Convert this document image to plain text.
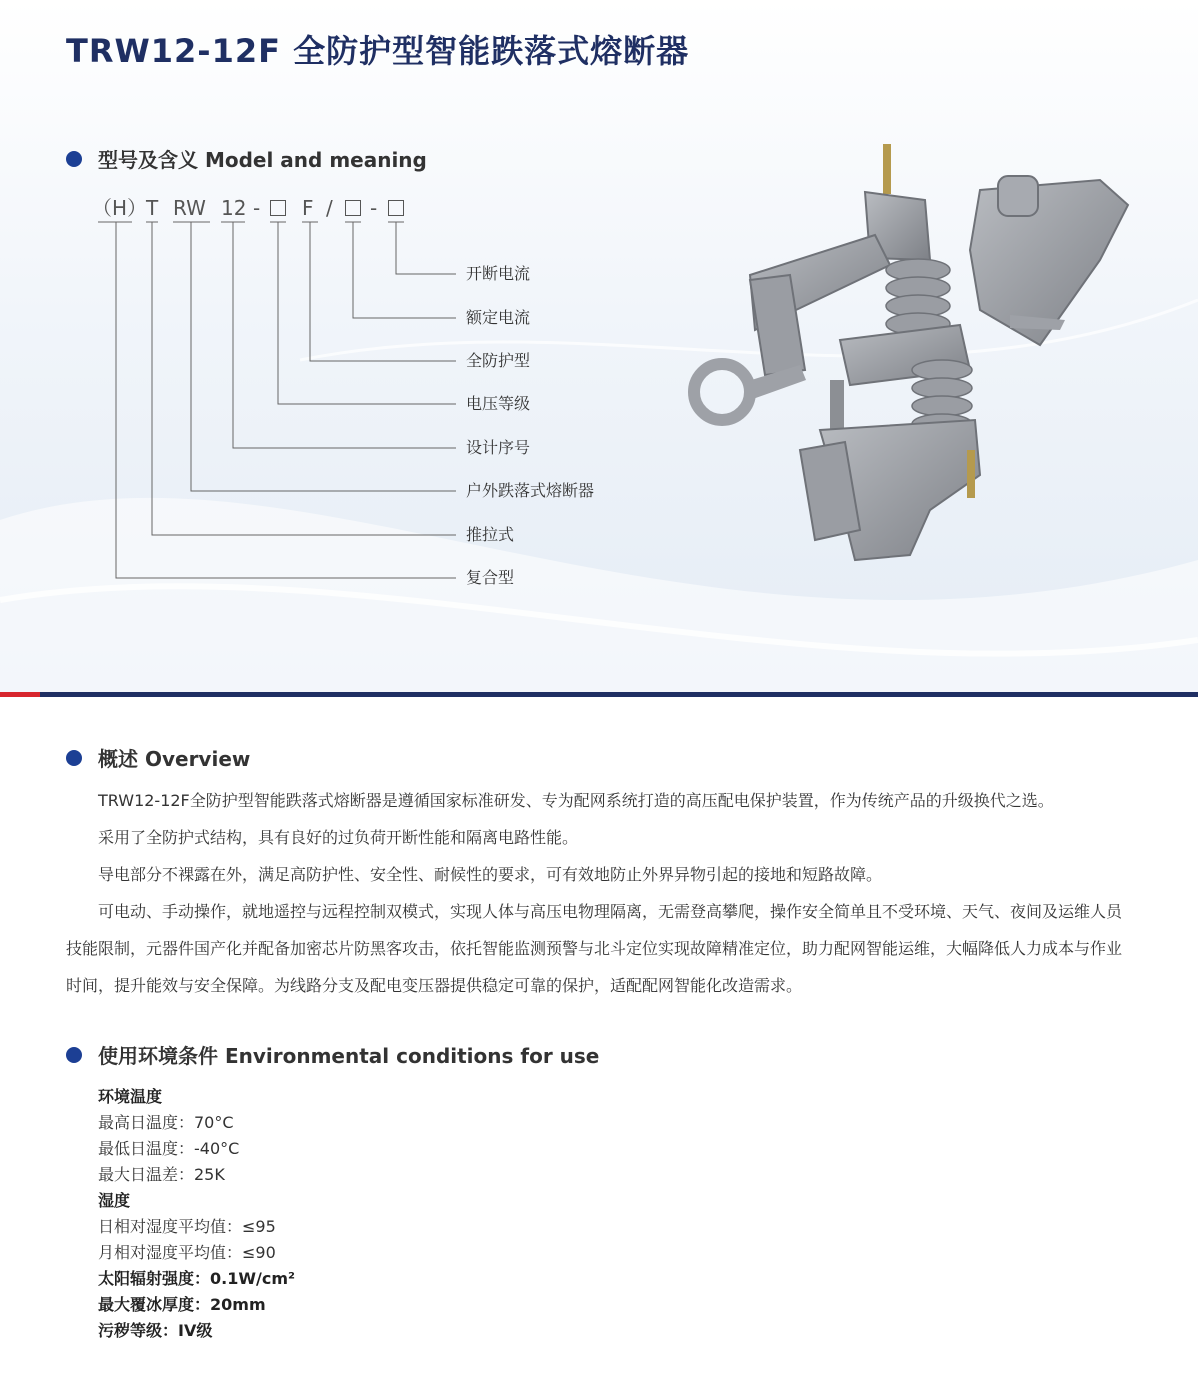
TRW12-12F 全防护型智能跌落式熔断器
型号及含义 Model and meaning
（H）
T RW 12 - F / -
开断电流
额定电流
全防护型
电压等级
设计序号
户外跌落式熔断器
推拉式
复合型
概述 Overview

TRW12-12F全防护型智能跌落式熔断器是遵循国家标准研发、专为配网系统打造的高压配电保护装置，作为传统产品的升级换代之选。

采用了全防护式结构，具有良好的过负荷开断性能和隔离电路性能。

导电部分不裸露在外，满足高防护性、安全性、耐候性的要求，可有效地防止外界异物引起的接地和短路故障。

可电动、手动操作，就地遥控与远程控制双模式，实现人体与高压电物理隔离，无需登高攀爬，操作安全简单且不受环境、天气、夜间及运维人员技能限制，元器件国产化并配备加密芯片防黑客攻击，依托智能监测预警与北斗定位实现故障精准定位，助力配网智能运维，大幅降低人力成本与作业时间，提升能效与安全保障。为线路分支及配电变压器提供稳定可靠的保护，适配配网智能化改造需求。

使用环境条件 Environmental conditions for use
环境温度
最高日温度：70°C
最低日温度：-40°C
最大日温差：25K
湿度
日相对湿度平均值：≤95
月相对湿度平均值：≤90
太阳辐射强度：0.1W/cm²
最大覆冰厚度：20mm
污秽等级：IV级
